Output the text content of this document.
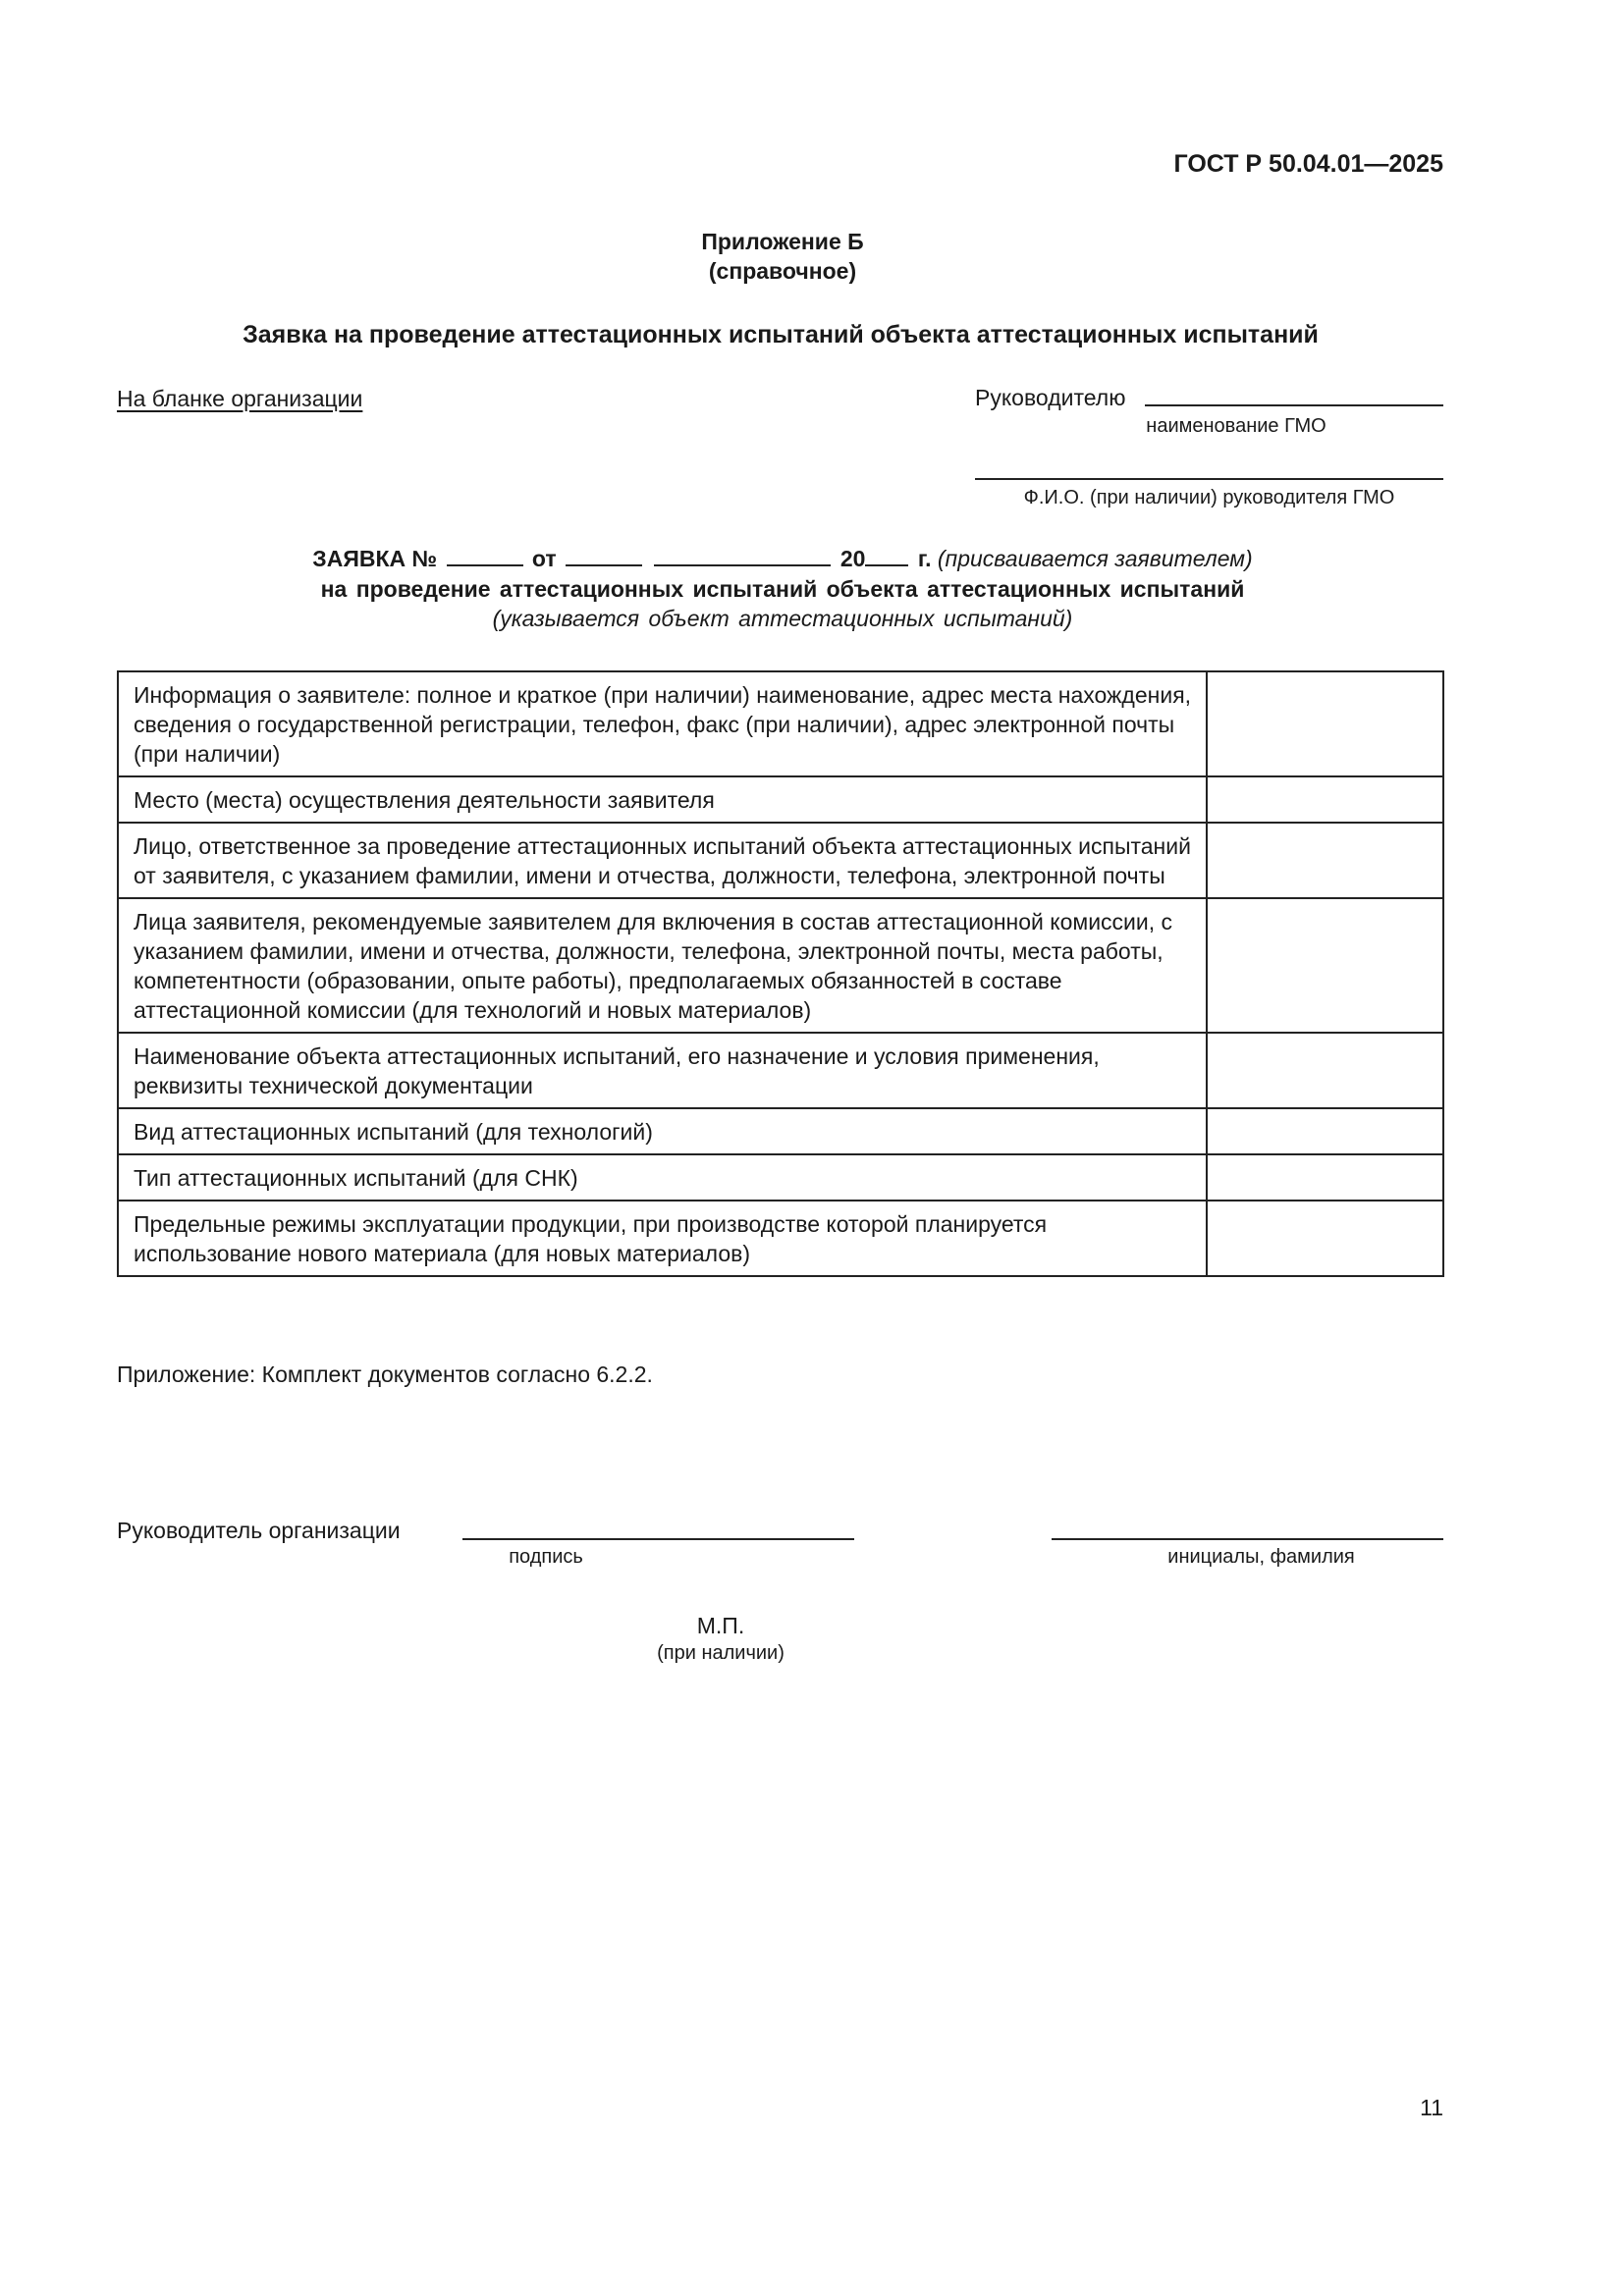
ГОСТ Р 50.04.01—2025
Приложение Б
(справочное)
Заявка на проведение аттестационных испытаний объекта аттестационных испытаний
На бланке организации	Руководителю
наименование ГМО
Ф.И.О. (при наличии) руководителя ГМО
ЗАЯВКА №	от	20 г. (присваивается заявителем)
на проведение аттестационных испытаний объекта аттестационных испытаний
(указывается объект аттестационных испытаний)
Информация о заявителе: полное и краткое (при наличии) наименование, адрес места нахождения, сведения о государственной регистрации, телефон, факс (при наличии), адрес электронной почты (при наличии)	
Место (места) осуществления деятельности заявителя	
Лицо, ответственное за проведение аттестационных испытаний объекта аттестационных испытаний от заявителя, с указанием фамилии, имени и отчества, должности, телефона, электронной почты	
Лица заявителя, рекомендуемые заявителем для включения в состав аттестационной комиссии, с указанием фамилии, имени и отчества, должности, телефона, электронной почты, места работы, компетентности (образовании, опыте работы), предполагаемых обязанностей в составе аттестационной комиссии (для технологий и новых материалов)	
Наименование объекта аттестационных испытаний, его назначение и условия применения, реквизиты технической документации	
Вид аттестационных испытаний (для технологий)	
Тип аттестационных испытаний (для СНК)	
Предельные режимы эксплуатации продукции, при производстве которой планируется использование нового материала (для новых материалов)	
Приложение: Комплект документов согласно 6.2.2.
Руководитель организации
подпись	инициалы, фамилия
М.П.
(при наличии)
11
